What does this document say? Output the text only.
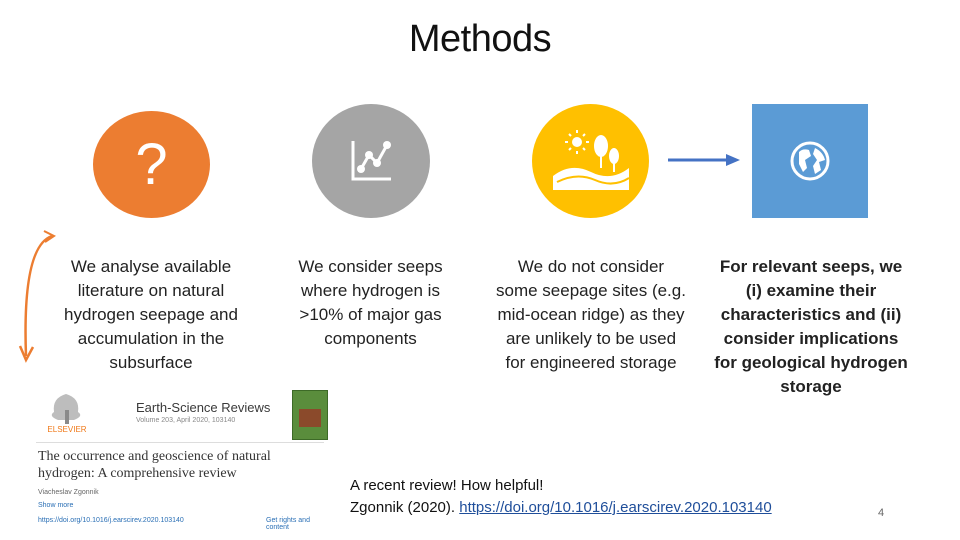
Methods
?
We analyse available literature on natural hydrogen seepage and accumulation in the subsurface
We consider seeps where hydrogen is >10% of major gas components
We do not consider some seepage sites (e.g. mid-ocean ridge) as they are unlikely to be used for engineered storage
For relevant seeps, we (i) examine their characteristics and (ii) consider implications for geological hydrogen storage
ELSEVIER
Earth-Science Reviews
Volume 203, April 2020, 103140
The occurrence and geoscience of natural hydrogen: A comprehensive review
Viacheslav Zgonnik
Show more
https://doi.org/10.1016/j.earscirev.2020.103140	Get rights and content
A recent review! How helpful!
Zgonnik (2020). https://doi.org/10.1016/j.earscirev.2020.103140	4
